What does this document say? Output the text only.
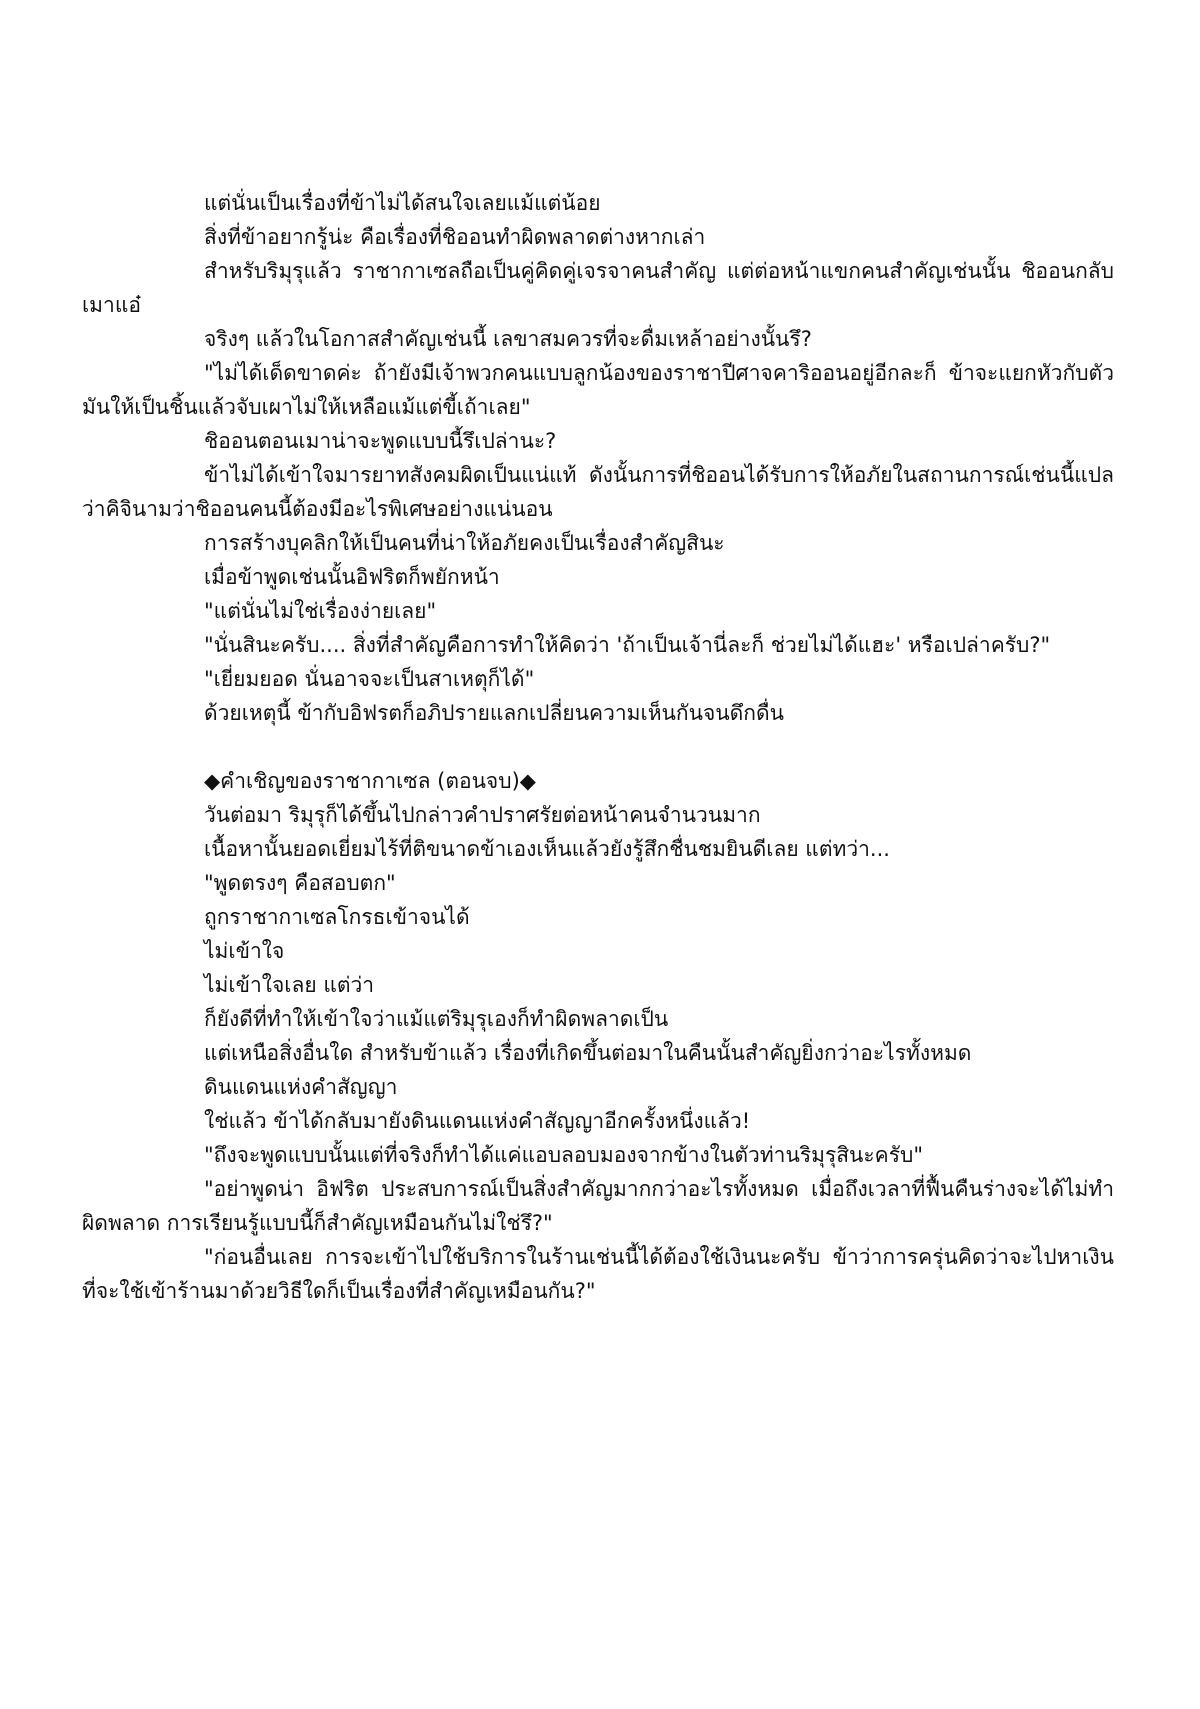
แต่นั่นเป็นเรื่องที่ข้าไม่ได้สนใจเลยแม้แต่น้อย

สิ่งที่ข้าอยากรู้น่ะ คือเรื่องที่ชิออนทำผิดพลาดต่างหากเล่า

สำหรับริมุรุแล้ว ราชากาเซลถือเป็นคู่คิดคู่เจรจาคนสำคัญ แต่ต่อหน้าแขกคนสำคัญเช่นนั้น ชิออนกลับเมาแอ๋

จริงๆ แล้วในโอกาสสำคัญเช่นนี้ เลขาสมควรที่จะดื่มเหล้าอย่างนั้นรึ?

"ไม่ได้เด็ดขาดค่ะ ถ้ายังมีเจ้าพวกคนแบบลูกน้องของราชาปีศาจคาริออนอยู่อีกละก็ ข้าจะแยกหัวกับตัวมันให้เป็นชิ้นแล้วจับเผาไม่ให้เหลือแม้แต่ขี้เถ้าเลย"

ชิออนตอนเมาน่าจะพูดแบบนี้รึเปล่านะ?

ข้าไม่ได้เข้าใจมารยาทสังคมผิดเป็นแน่แท้ ดังนั้นการที่ชิออนได้รับการให้อภัยในสถานการณ์เช่นนี้แปลว่าคิจินามว่าชิออนคนนี้ต้องมีอะไรพิเศษอย่างแน่นอน

การสร้างบุคลิกให้เป็นคนที่น่าให้อภัยคงเป็นเรื่องสำคัญสินะ

เมื่อข้าพูดเช่นนั้นอิฟริตก็พยักหน้า

"แต่นั่นไม่ใช่เรื่องง่ายเลย"

"นั่นสินะครับ.... สิ่งที่สำคัญคือการทำให้คิดว่า 'ถ้าเป็นเจ้านี่ละก็ ช่วยไม่ได้แฮะ' หรือเปล่าครับ?"

"เยี่ยมยอด นั่นอาจจะเป็นสาเหตุก็ได้"

ด้วยเหตุนี้ ข้ากับอิฟรตก็อภิปรายแลกเปลี่ยนความเห็นกันจนดึกดื่น

◆คำเชิญของราชากาเซล (ตอนจบ)◆

วันต่อมา ริมุรุก็ได้ขึ้นไปกล่าวคำปราศรัยต่อหน้าคนจำนวนมาก

เนื้อหานั้นยอดเยี่ยมไร้ที่ติขนาดข้าเองเห็นแล้วยังรู้สึกชื่นชมยินดีเลย แต่ทว่า...

"พูดตรงๆ คือสอบตก"

ถูกราชากาเซลโกรธเข้าจนได้

ไม่เข้าใจ

ไม่เข้าใจเลย แต่ว่า

ก็ยังดีที่ทำให้เข้าใจว่าแม้แต่ริมุรุเองก็ทำผิดพลาดเป็น

แต่เหนือสิ่งอื่นใด สำหรับข้าแล้ว เรื่องที่เกิดขึ้นต่อมาในคืนนั้นสำคัญยิ่งกว่าอะไรทั้งหมด

ดินแดนแห่งคำสัญญา

ใช่แล้ว ข้าได้กลับมายังดินแดนแห่งคำสัญญาอีกครั้งหนึ่งแล้ว!

"ถึงจะพูดแบบนั้นแต่ที่จริงก็ทำได้แค่แอบลอบมองจากข้างในตัวท่านริมุรุสินะครับ"

"อย่าพูดน่า อิฟริต ประสบการณ์เป็นสิ่งสำคัญมากกว่าอะไรทั้งหมด เมื่อถึงเวลาที่ฟื้นคืนร่างจะได้ไม่ทำผิดพลาด การเรียนรู้แบบนี้ก็สำคัญเหมือนกันไม่ใช่รึ?"

"ก่อนอื่นเลย การจะเข้าไปใช้บริการในร้านเช่นนี้ได้ต้องใช้เงินนะครับ ข้าว่าการครุ่นคิดว่าจะไปหาเงินที่จะใช้เข้าร้านมาด้วยวิธีใดก็เป็นเรื่องที่สำคัญเหมือนกัน?"
